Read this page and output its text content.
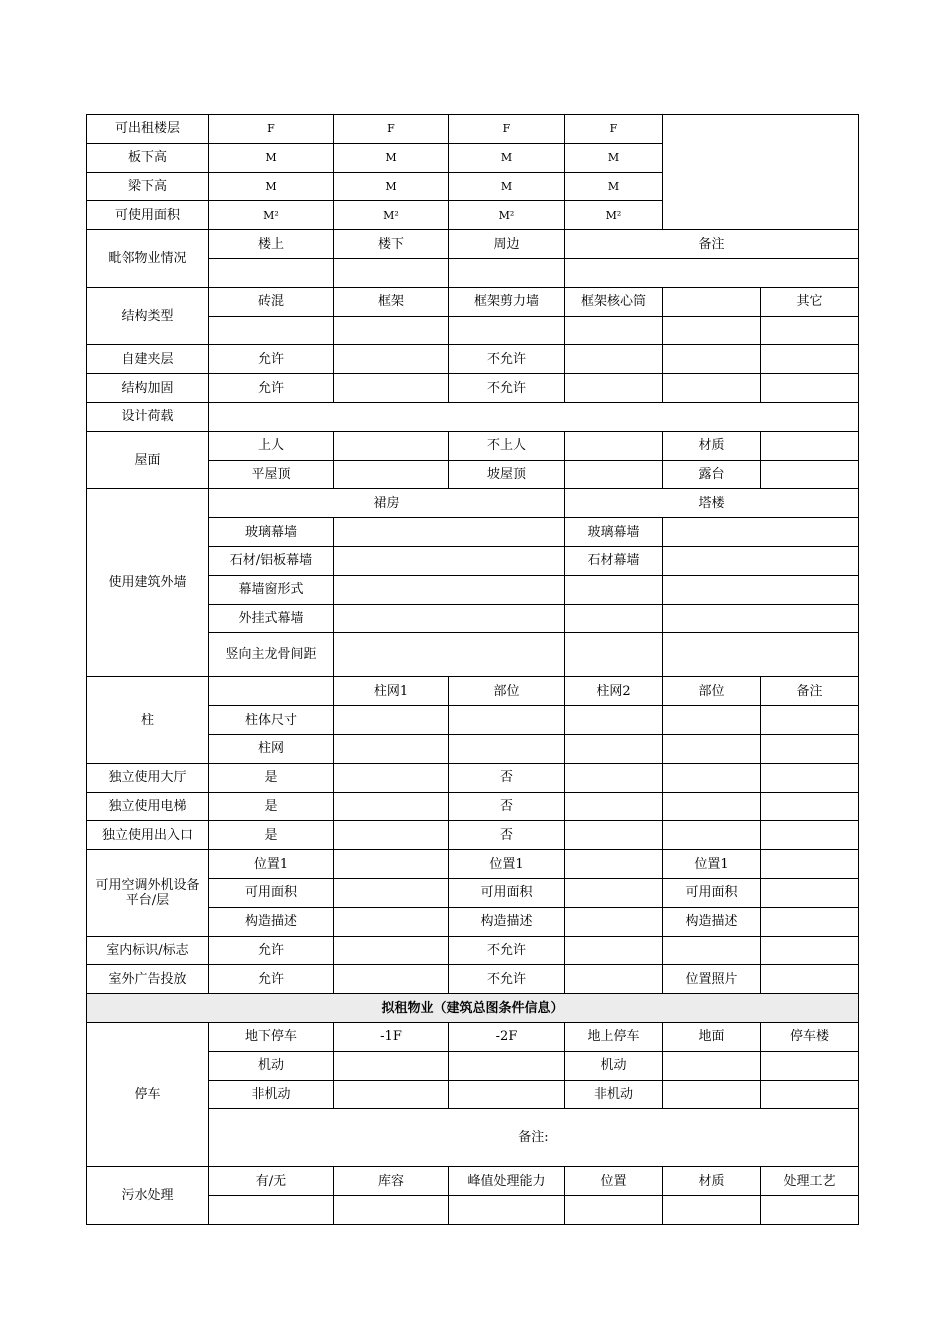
可出租楼层	F	F	F	F		
板下高	M	M	M	M		
梁下高	M	M	M	M		
可使用面积	M²	M²	M²	M²		
毗邻物业情况	楼上	楼下	周边	备注		

结构类型	砖混	框架	框架剪力墙	框架核心筒		其它

自建夹层	允许		不允许			
结构加固	允许		不允许			
设计荷载						
屋面	上人		不上人		材质	
	平屋顶		坡屋顶		露台	
使用建筑外墙	裙房			塔楼		
	玻璃幕墙			玻璃幕墙		
	石材/铝板幕墙			石材幕墙		
	幕墙窗形式					
	外挂式幕墙					
	竖向主龙骨间距					
柱		柱网1	部位	柱网2	部位	备注
	柱体尺寸					
	柱网					
独立使用大厅	是		否			
独立使用电梯	是		否			
独立使用出入口	是		否			
可用空调外机设备
平台/层	位置1		位置1		位置1	
	可用面积		可用面积		可用面积	
	构造描述		构造描述		构造描述	
室内标识/标志	允许		不允许			
室外广告投放	允许		不允许		位置照片	
拟租物业（建筑总图条件信息）						
停车	地下停车	-1F	-2F	地上停车	地面	停车楼
	机动			机动		
	非机动			非机动		
	备注:					
污水处理	有/无	库容	峰值处理能力	位置	材质	处理工艺
